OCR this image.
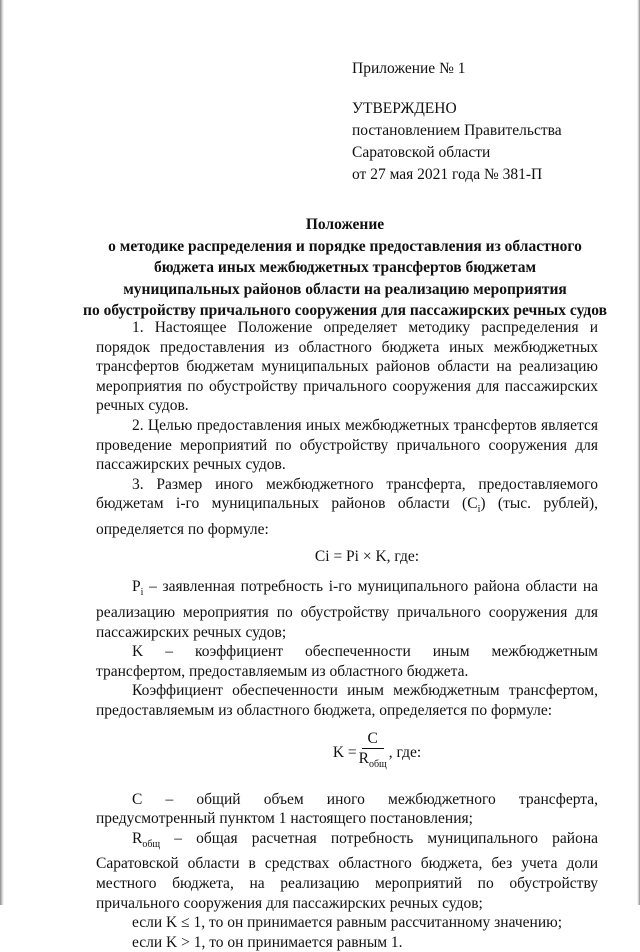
Приложение № 1
УТВЕРЖДЕНО
постановлением Правительства
Саратовской области
от 27 мая 2021 года № 381-П
Положение
о методике распределения и порядке предоставления из областного
бюджета иных межбюджетных трансфертов бюджетам
муниципальных районов области на реализацию мероприятия
по обустройству причального сооружения для пассажирских речных судов

1. Настоящее Положение определяет методику распределения и порядок предоставления из областного бюджета иных межбюджетных трансфертов бюджетам муниципальных районов области на реализацию мероприятия по обустройству причального сооружения для пассажирских речных судов.

2. Целью предоставления иных межбюджетных трансфертов является проведение мероприятий по обустройству причального сооружения для пассажирских речных судов.

3. Размер иного межбюджетного трансферта, предоставляемого бюджетам i-го муниципальных районов области $(C_i)$ (тыс. рублей), определяется по формуле:

Ci = Pi × K, где:

$P_i$ – заявленная потребность i-го муниципального района области на реализацию мероприятия по обустройству причального сооружения для пассажирских речных судов;

K – коэффициент обеспеченности иным межбюджетным трансфертом, предоставляемым из областного бюджета.

Коэффициент обеспеченности иным межбюджетным трансфертом, предоставляемым из областного бюджета, определяется по формуле:

$K = \frac{C}{R_{общ}}$ , где:

C – общий объем иного межбюджетного трансферта, предусмотренный пунктом 1 настоящего постановления;

$R_{общ}$ – общая расчетная потребность муниципального района Саратовской области в средствах областного бюджета, без учета доли местного бюджета, на реализацию мероприятий по обустройству причального сооружения для пассажирских речных судов;

если K ≤ 1, то он принимается равным рассчитанному значению;

если K > 1, то он принимается равным 1.
